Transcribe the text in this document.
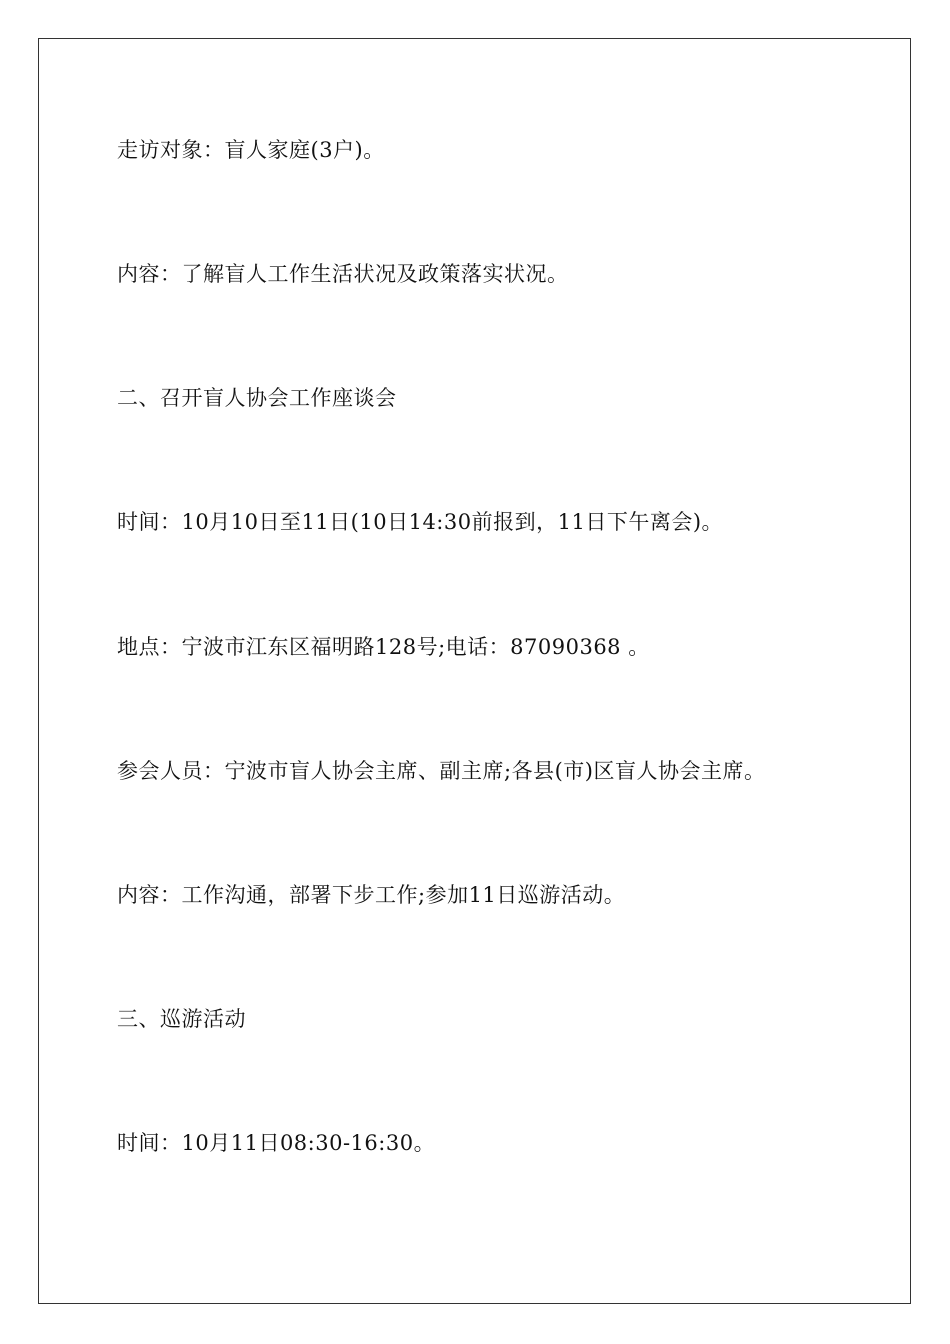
走访对象：盲人家庭(3户)。
内容：了解盲人工作生活状况及政策落实状况。
二、召开盲人协会工作座谈会
时间：10月10日至11日(10日14:30前报到，11日下午离会)。
地点：宁波市江东区福明路128号;电话：87090368 。
参会人员：宁波市盲人协会主席、副主席;各县(市)区盲人协会主席。
内容：工作沟通，部署下步工作;参加11日巡游活动。
三、巡游活动
时间：10月11日08:30-16:30。
